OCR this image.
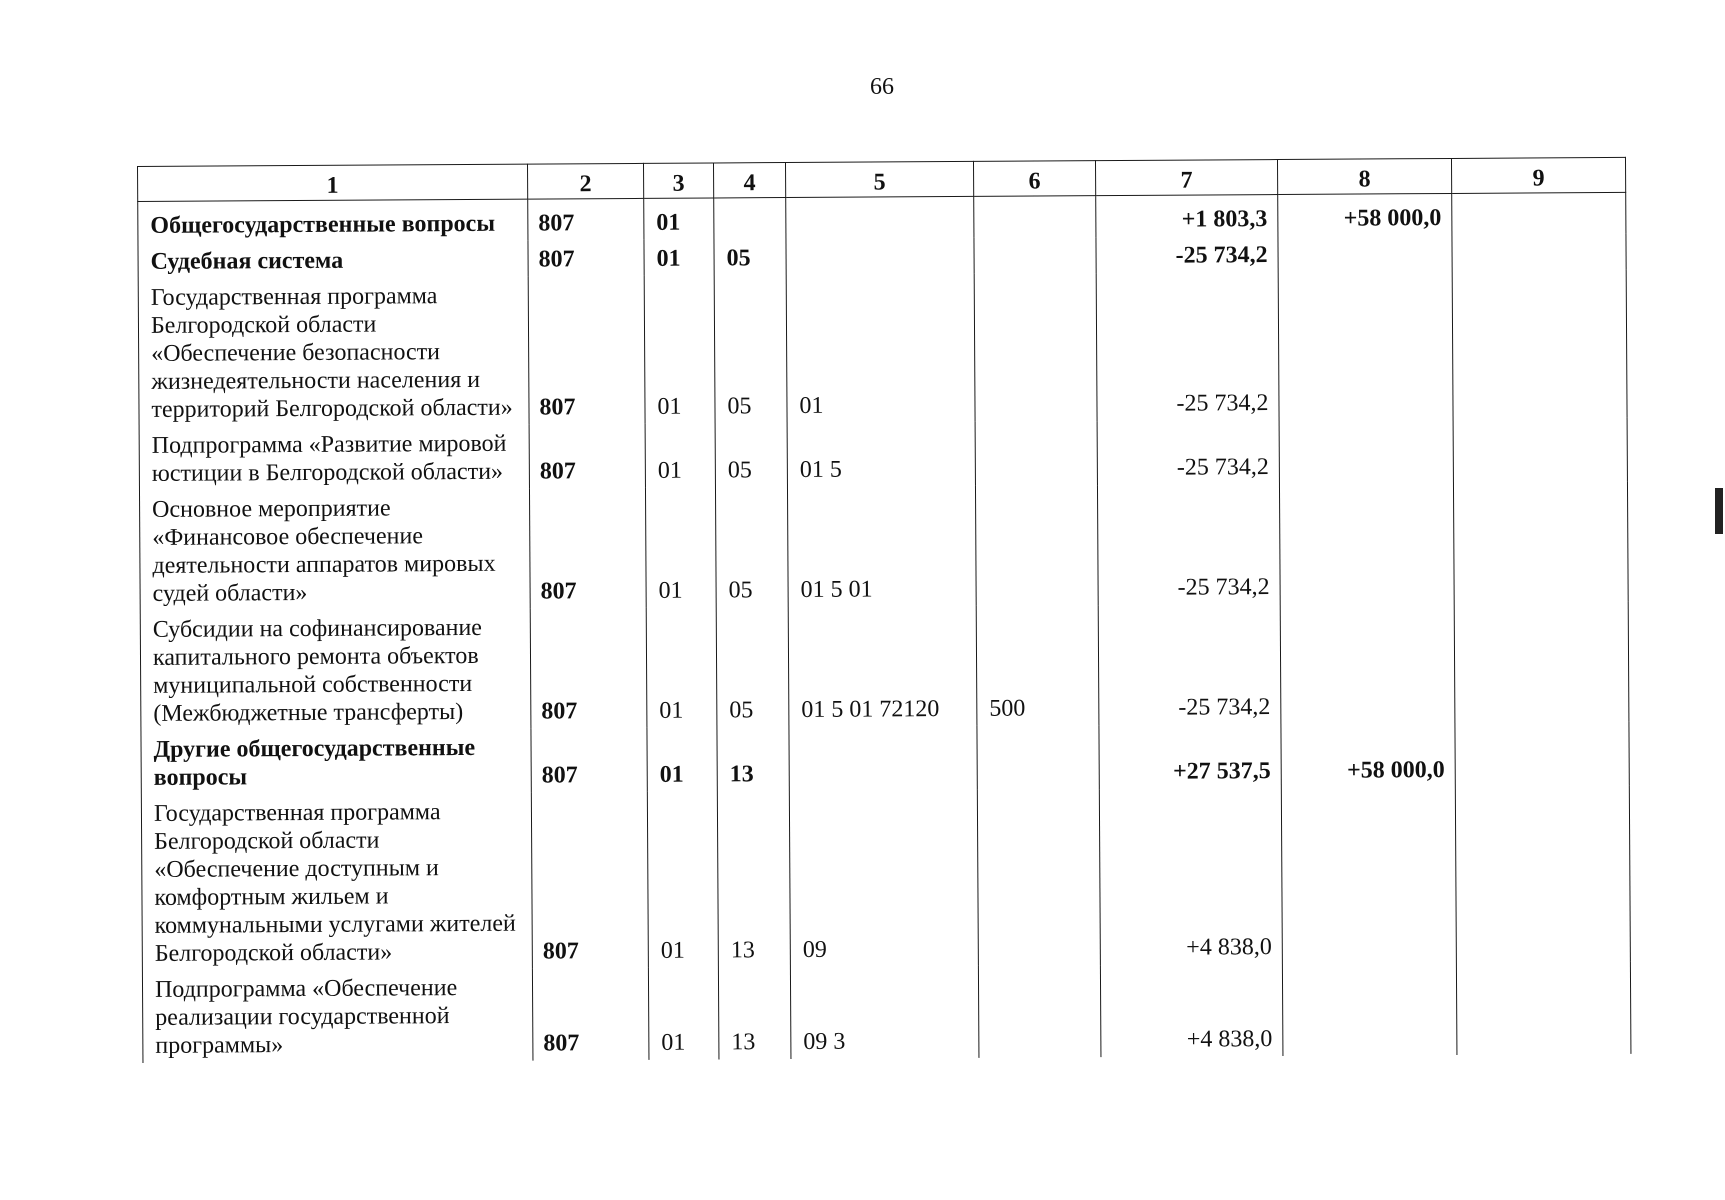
66
1	2	3	4	5	6	7	8	9
Общегосударственные вопросы	807	01				+1 803,3	+58 000,0	
Судебная система	807	01	05			-25 734,2		
Государственная программа Белгородской области «Обеспечение безопасности жизнедеятельности населения и территорий Белгородской области»	807	01	05	01		-25 734,2		
Подпрограмма «Развитие мировой юстиции в Белгородской области»	807	01	05	01 5		-25 734,2		
Основное мероприятие «Финансовое обеспечение деятельности аппаратов мировых судей области»	807	01	05	01 5 01		-25 734,2		
Субсидии на софинансирование капитального ремонта объектов муниципальной собственности (Межбюджетные трансферты)	807	01	05	01 5 01 72120	500	-25 734,2		
Другие общегосударственные вопросы	807	01	13			+27 537,5	+58 000,0	
Государственная программа Белгородской области «Обеспечение доступным и комфортным жильем и коммунальными услугами жителей Белгородской области»	807	01	13	09		+4 838,0		
Подпрограмма «Обеспечение реализации государственной программы»	807	01	13	09 3		+4 838,0		
